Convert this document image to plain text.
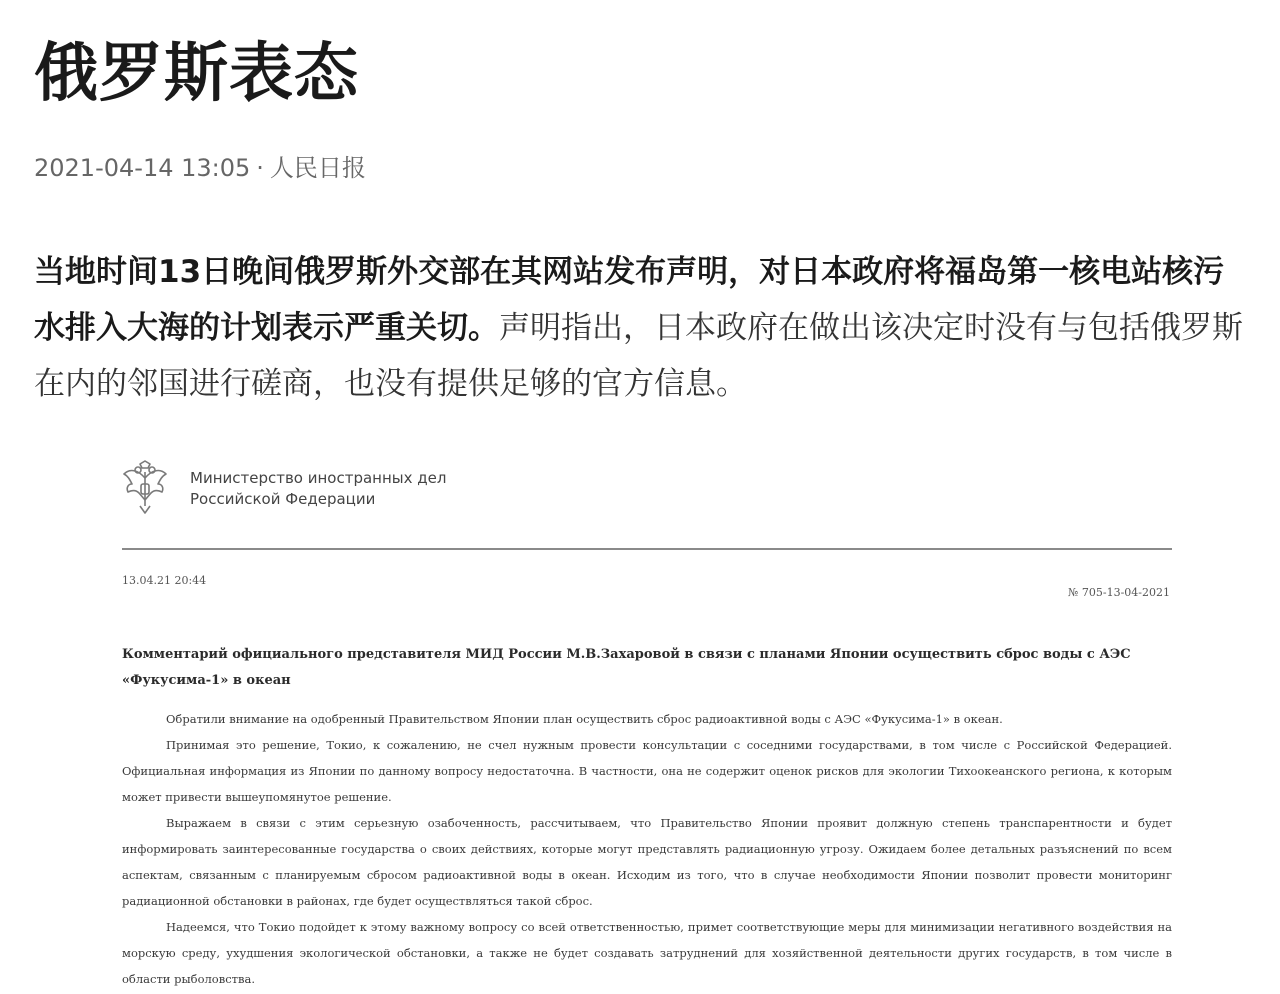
俄罗斯表态
2021-04-14 13:05 · 人民日报

当地时间13日晚间俄罗斯外交部在其网站发布声明，对日本政府将福岛第一核电站核污水排入大海的计划表示严重关切。声明指出，日本政府在做出该决定时没有与包括俄罗斯在内的邻国进行磋商，也没有提供足够的官方信息。

Министерство иностранных дел
Российской Федерации
13.04.21 20:44
№ 705-13-04-2021

Комментарий официального представителя МИД России М.В.Захаровой в связи с планами Японии осуществить сброс воды с АЭС «Фукусима-1» в океан

Обратили внимание на одобренный Правительством Японии план осуществить сброс радиоактивной воды с АЭС «Фукусима-1» в океан.

Принимая это решение, Токио, к сожалению, не счел нужным провести консультации с соседними государствами, в том числе с Российской Федерацией. Официальная информация из Японии по данному вопросу недостаточна. В частности, она не содержит оценок рисков для экологии Тихоокеанского региона, к которым может привести вышеупомянутое решение.

Выражаем в связи с этим серьезную озабоченность, рассчитываем, что Правительство Японии проявит должную степень транспарентности и будет информировать заинтересованные государства о своих действиях, которые могут представлять радиационную угрозу. Ожидаем более детальных разъяснений по всем аспектам, связанным с планируемым сбросом радиоактивной воды в океан. Исходим из того, что в случае необходимости Японии позволит провести мониторинг радиационной обстановки в районах, где будет осуществляться такой сброс.

Надеемся, что Токио подойдет к этому важному вопросу со всей ответственностью, примет соответствующие меры для минимизации негативного воздействия на морскую среду, ухудшения экологической обстановки, а также не будет создавать затруднений для хозяйственной деятельности других государств, в том числе в области рыболовства.
